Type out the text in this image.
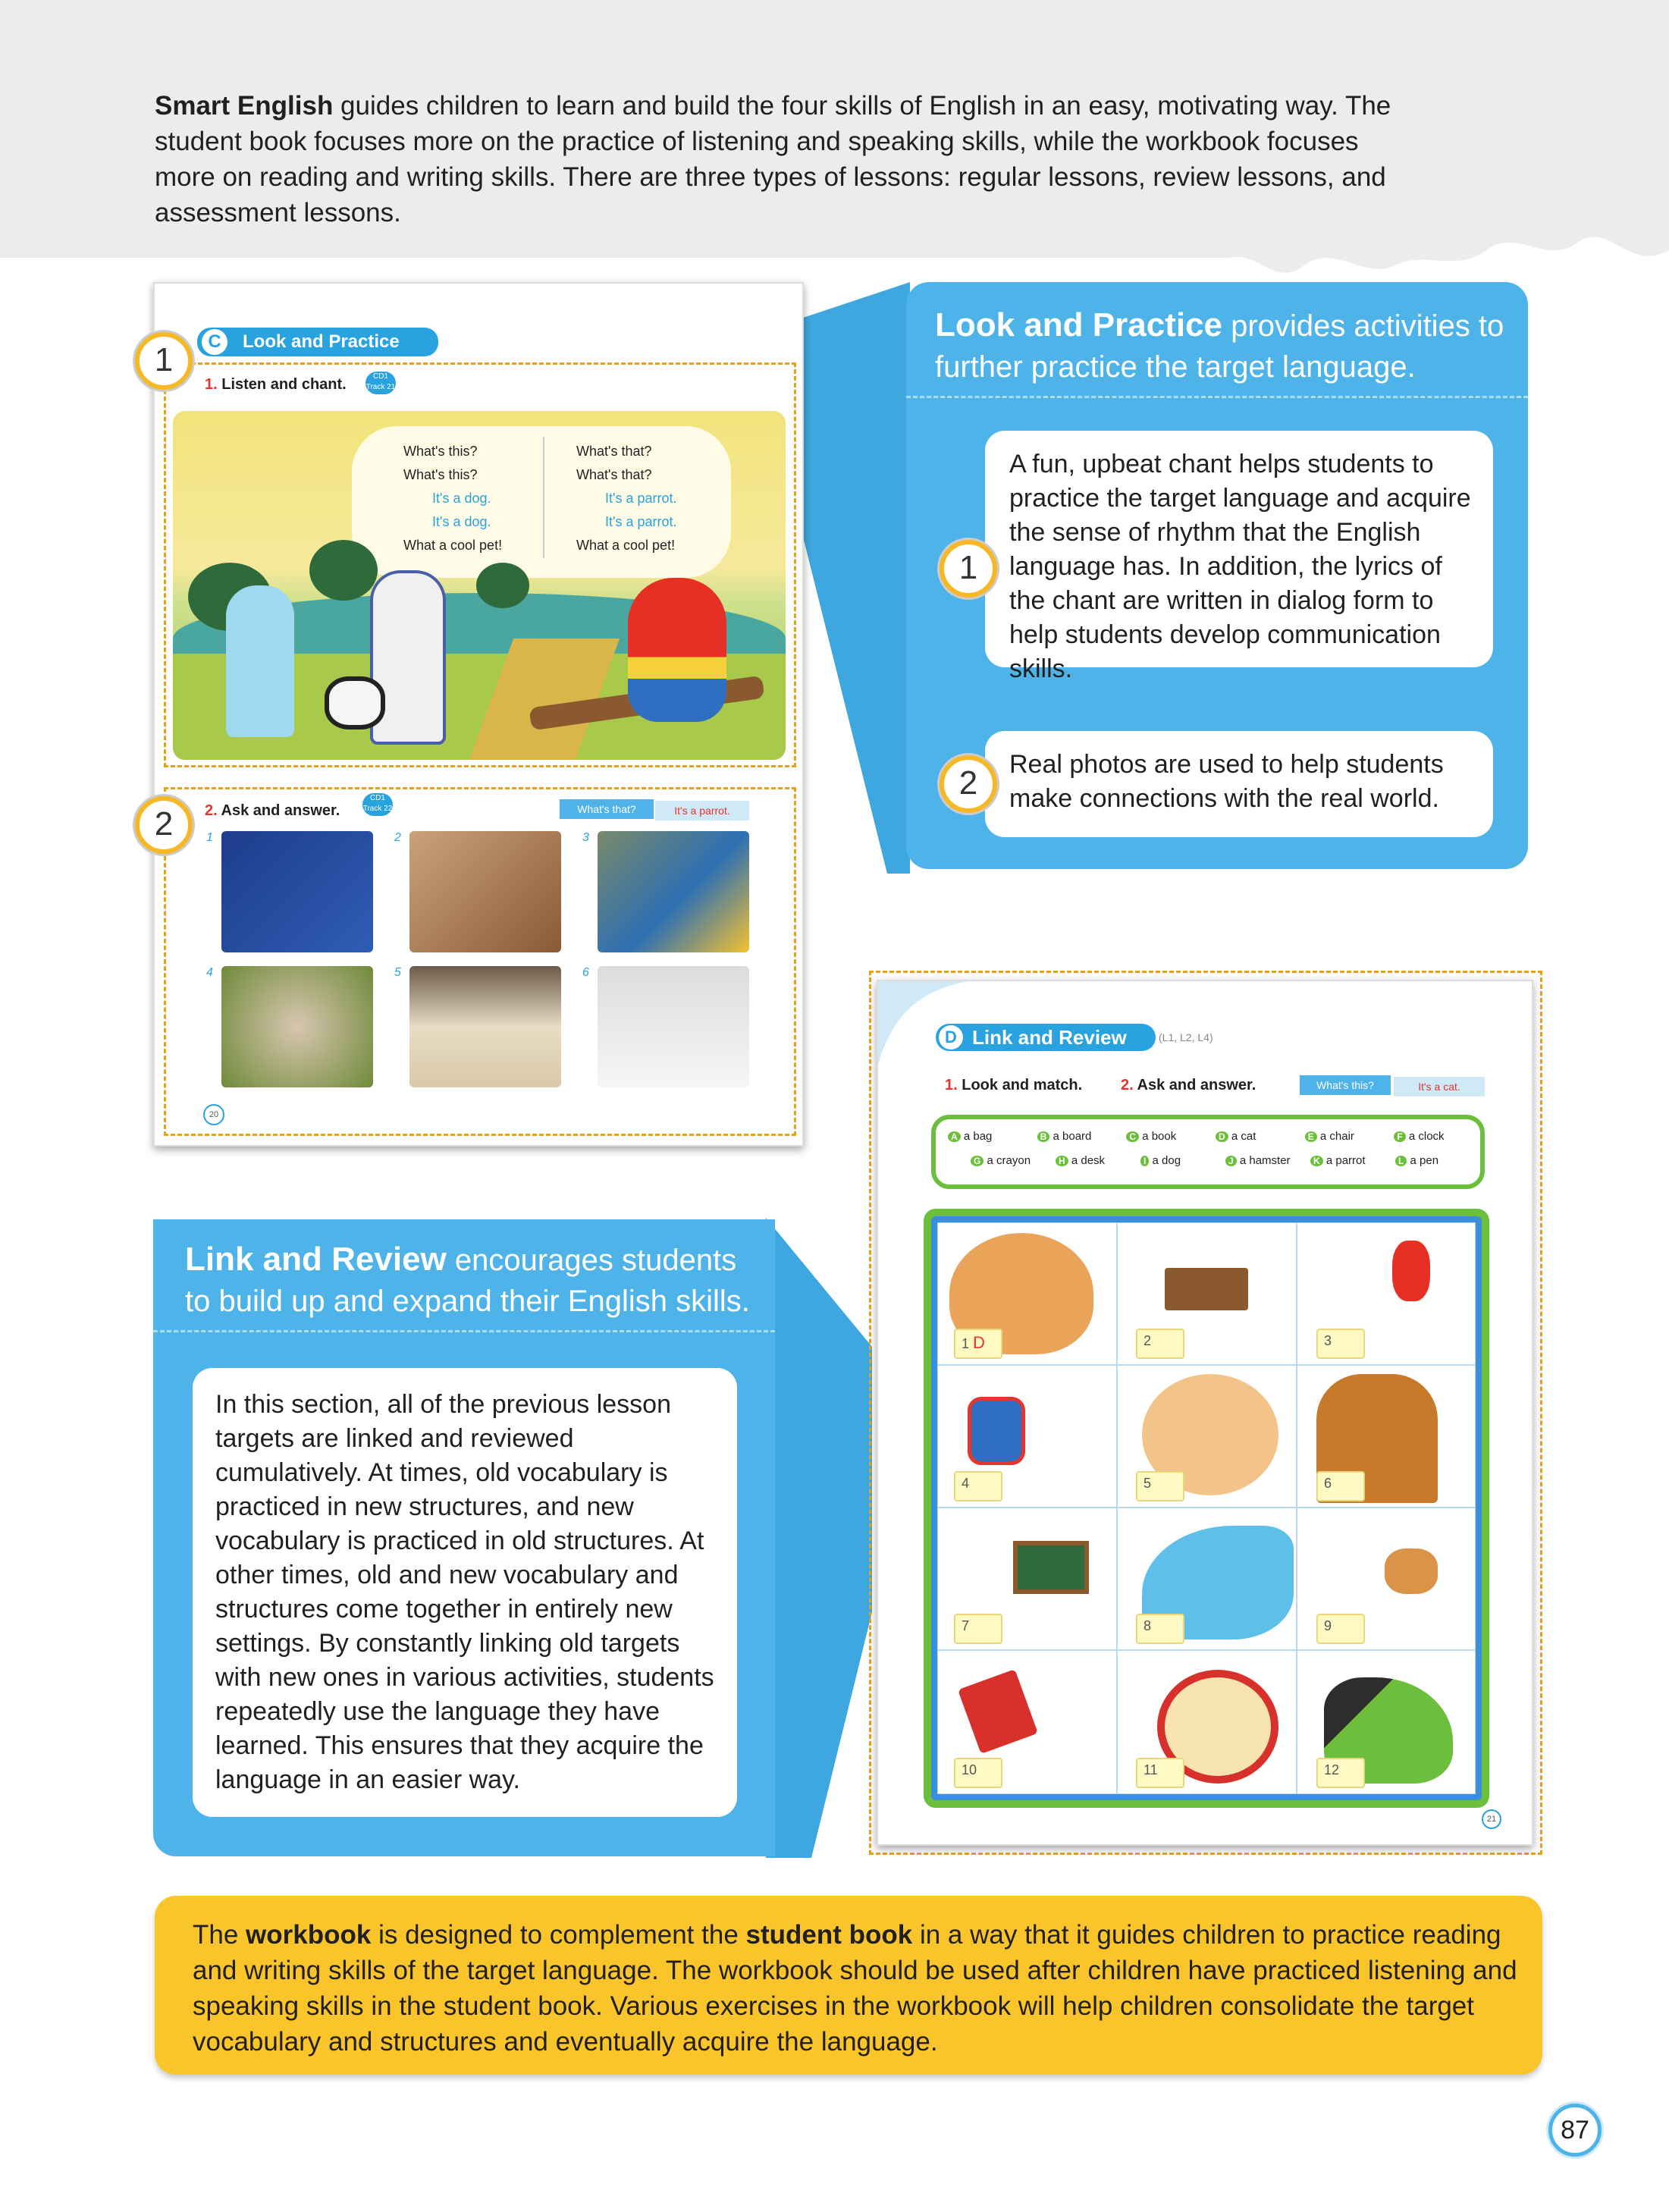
Smart English guides children to learn and build the four skills of English in an easy, motivating way. The student book focuses more on the practice of listening and speaking skills, while the workbook focuses more on reading and writing skills. There are three types of lessons: regular lessons, review lessons, and assessment lessons.
Look and Practice provides activities to further practice the target language.
A fun, upbeat chant helps students to practice the target language and acquire the sense of rhythm that the English language has. In addition, the lyrics of the chant are written in dialog form to help students develop communication skills.
1
Real photos are used to help students make connections with the real world.
2
Look and Practice
C
1. Listen and chant.	CD1 Track 21
What's this?
What's this?
It's a dog.
It's a dog.
What a cool pet!
What's that?
What's that?
It's a parrot.
It's a parrot.
What a cool pet!
2. Ask and answer.
CD1 Track 22	What's that?	It's a parrot.
1	2	3
4	5	6
20
1
2
Link and Review encourages students to build up and expand their English skills.
In this section, all of the previous lesson targets are linked and reviewed cumulatively. At times, old vocabulary is practiced in new structures, and new vocabulary is practiced in old structures. At other times, old and new vocabulary and structures come together in entirely new settings. By constantly linking old targets with new ones in various activities, students repeatedly use the language they have learned. This ensures that they acquire the language in an easier way.
Link and Review
D	(L1, L2, L4)
1. Look and match.	2. Ask and answer.	What's this?	It's a cat.
A a bag	B a board	C a book	D a cat	E a chair	F a clock
G a crayon	H a desk	I a dog	J a hamster	K a parrot	L a pen
1 D	2	3
4	5	6
7	8	9
10	11	12
21
The workbook is designed to complement the student book in a way that it guides children to practice reading and writing skills of the target language. The workbook should be used after children have practiced listening and speaking skills in the student book. Various exercises in the workbook will help children consolidate the target vocabulary and structures and eventually acquire the language.
87
